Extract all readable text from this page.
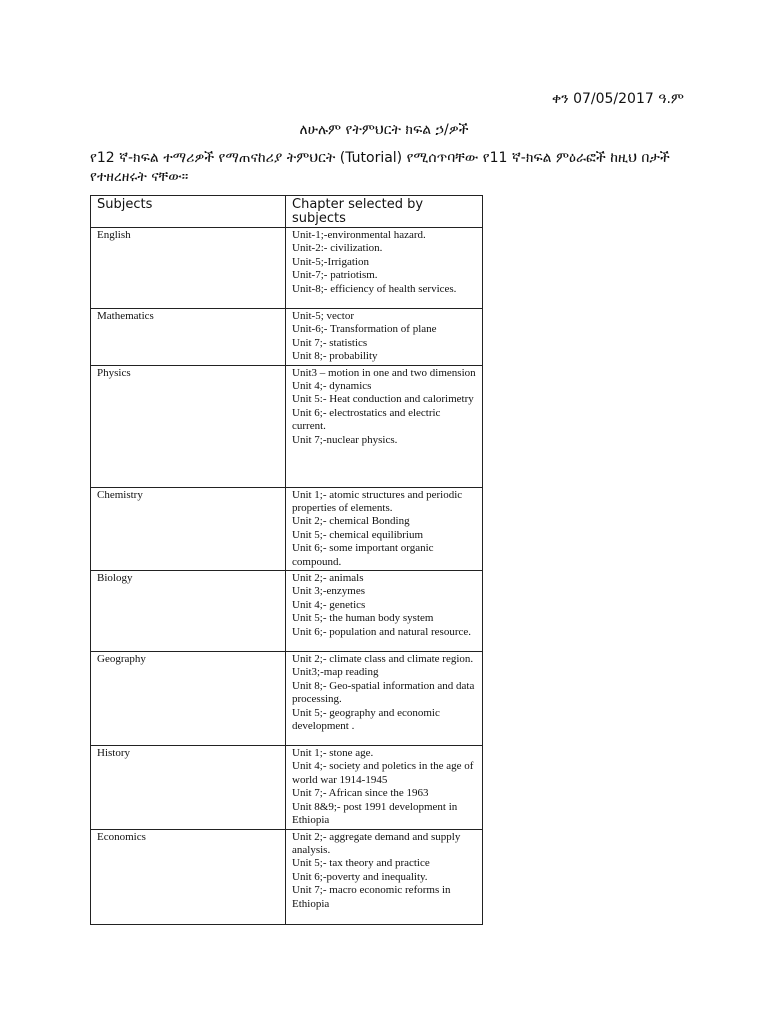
ቀን 07/05/2017 ዓ.ም
ለሁሉም የትምህርት ክፍል ኃ/ዎች
የ12 ኛ-ክፍል ተማሪዎች የማጠናከሪያ ትምህርት (Tutorial) የሚሰጥባቸው የ11 ኛ-ክፍል ምዕራፎች ከዚህ በታች የተዘረዘሩት ናቸው።
Subjects	Chapter selected by subjects
English	Unit-1;-environmental hazard.
Unit-2:- civilization.
Unit-5;-Irrigation
Unit-7;- patriotism.
Unit-8;- efficiency of health services.

Mathematics	Unit-5; vector
Unit-6;- Transformation of plane
Unit 7;- statistics
Unit 8;- probability

Physics	Unit3 – motion in one and two dimension
Unit 4;- dynamics
Unit 5:- Heat conduction and calorimetry
Unit 6;- electrostatics and electric current.
Unit 7;-nuclear physics.

Chemistry	Unit 1;- atomic structures and periodic properties of elements.
Unit 2;- chemical Bonding
Unit 5;- chemical equilibrium
Unit 6;- some important organic compound.

Biology	Unit 2;- animals
Unit 3;-enzymes
Unit 4;- genetics
Unit 5;- the human body system
Unit 6;- population and natural resource.

Geography	Unit 2;- climate class and climate region.
Unit3;-map reading
Unit 8;- Geo-spatial information and data processing.
Unit 5;- geography and economic development .

History	Unit 1;- stone age.
Unit 4;- society and poletics in the age of world war 1914-1945
Unit 7;- African since the 1963
Unit 8&9;- post 1991 development in Ethiopia

Economics	Unit 2;- aggregate demand and supply analysis.
Unit 5;- tax theory and practice
Unit 6;-poverty and inequality.
Unit 7;- macro economic reforms in Ethiopia
